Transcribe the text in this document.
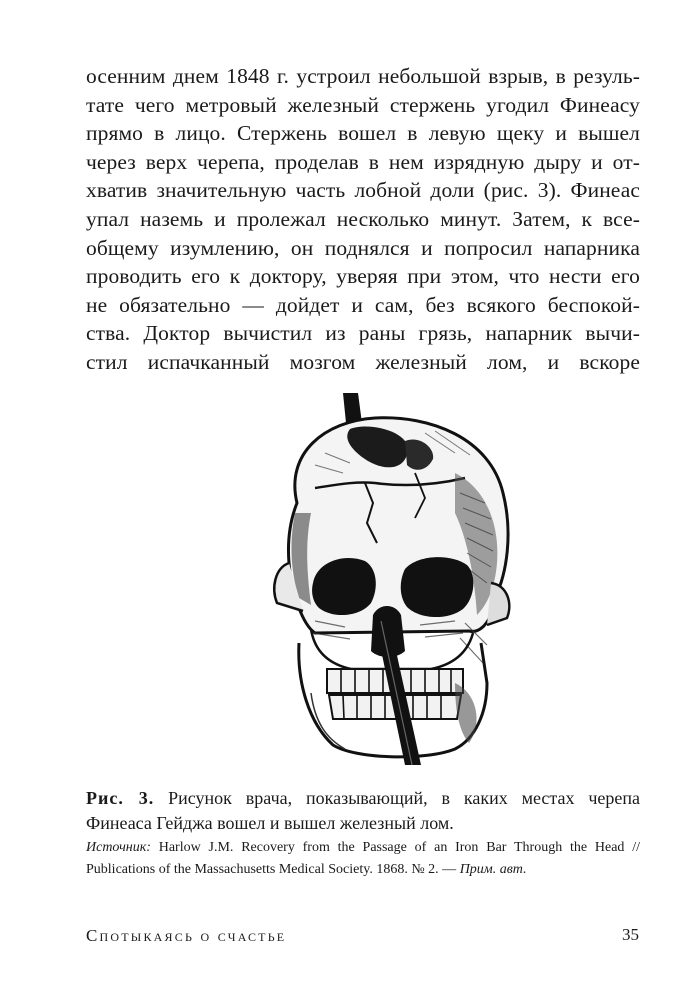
осенним днем 1848 г. устроил небольшой взрыв, в резуль-
тате чего метровый железный стержень угодил Финеасу
прямо в лицо. Стержень вошел в левую щеку и вышел
через верх черепа, проделав в нем изрядную дыру и от-
хватив значительную часть лобной доли (рис. 3). Финеас
упал наземь и пролежал несколько минут. Затем, к все-
общему изумлению, он поднялся и попросил напарника
проводить его к доктору, уверяя при этом, что нести его
не обязательно — дойдет и сам, без всякого беспокой-
ства. Доктор вычистил из раны грязь, напарник вычи-
стил испачканный мозгом железный лом, и вскоре
Рис. 3. Рисунок врача, показывающий, в каких местах черепа
Финеаса Гейджа вошел и вышел железный лом.
Источник: Harlow J.M. Recovery from the Passage of an Iron Bar Through the Head //
Publications of the Massachusetts Medical Society. 1868. № 2. — Прим. авт.
Спотыкаясь о счастье	35
